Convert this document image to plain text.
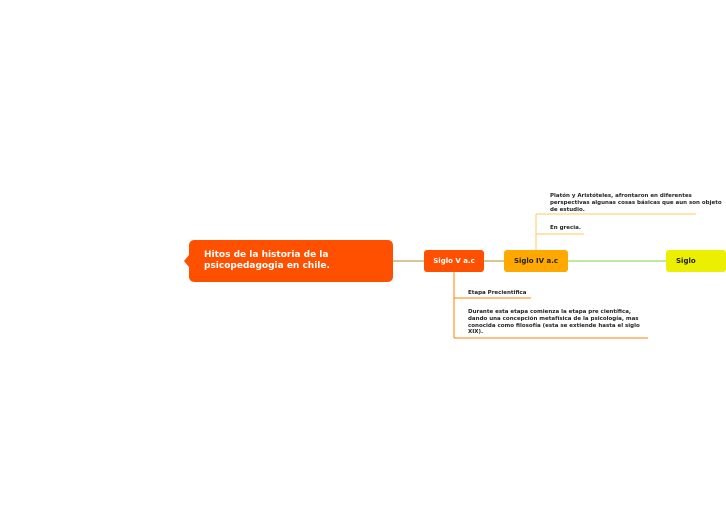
Hitos de la historia de la
psicopedagogia en chile.	Siglo V a.c	Siglo IV a.c	Siglo
Platón y Aristóteles, afrontaron en diferentes
perspectivas algunas cosas básicas que aun son objeto
de estudio.
En grecia.
Etapa Precientifica
Durante esta etapa comienza la etapa pre científica,
dando una concepción metafísica de la psicología, mas
conocida como filosofía (esta se extiende hasta el siglo
XIX).
